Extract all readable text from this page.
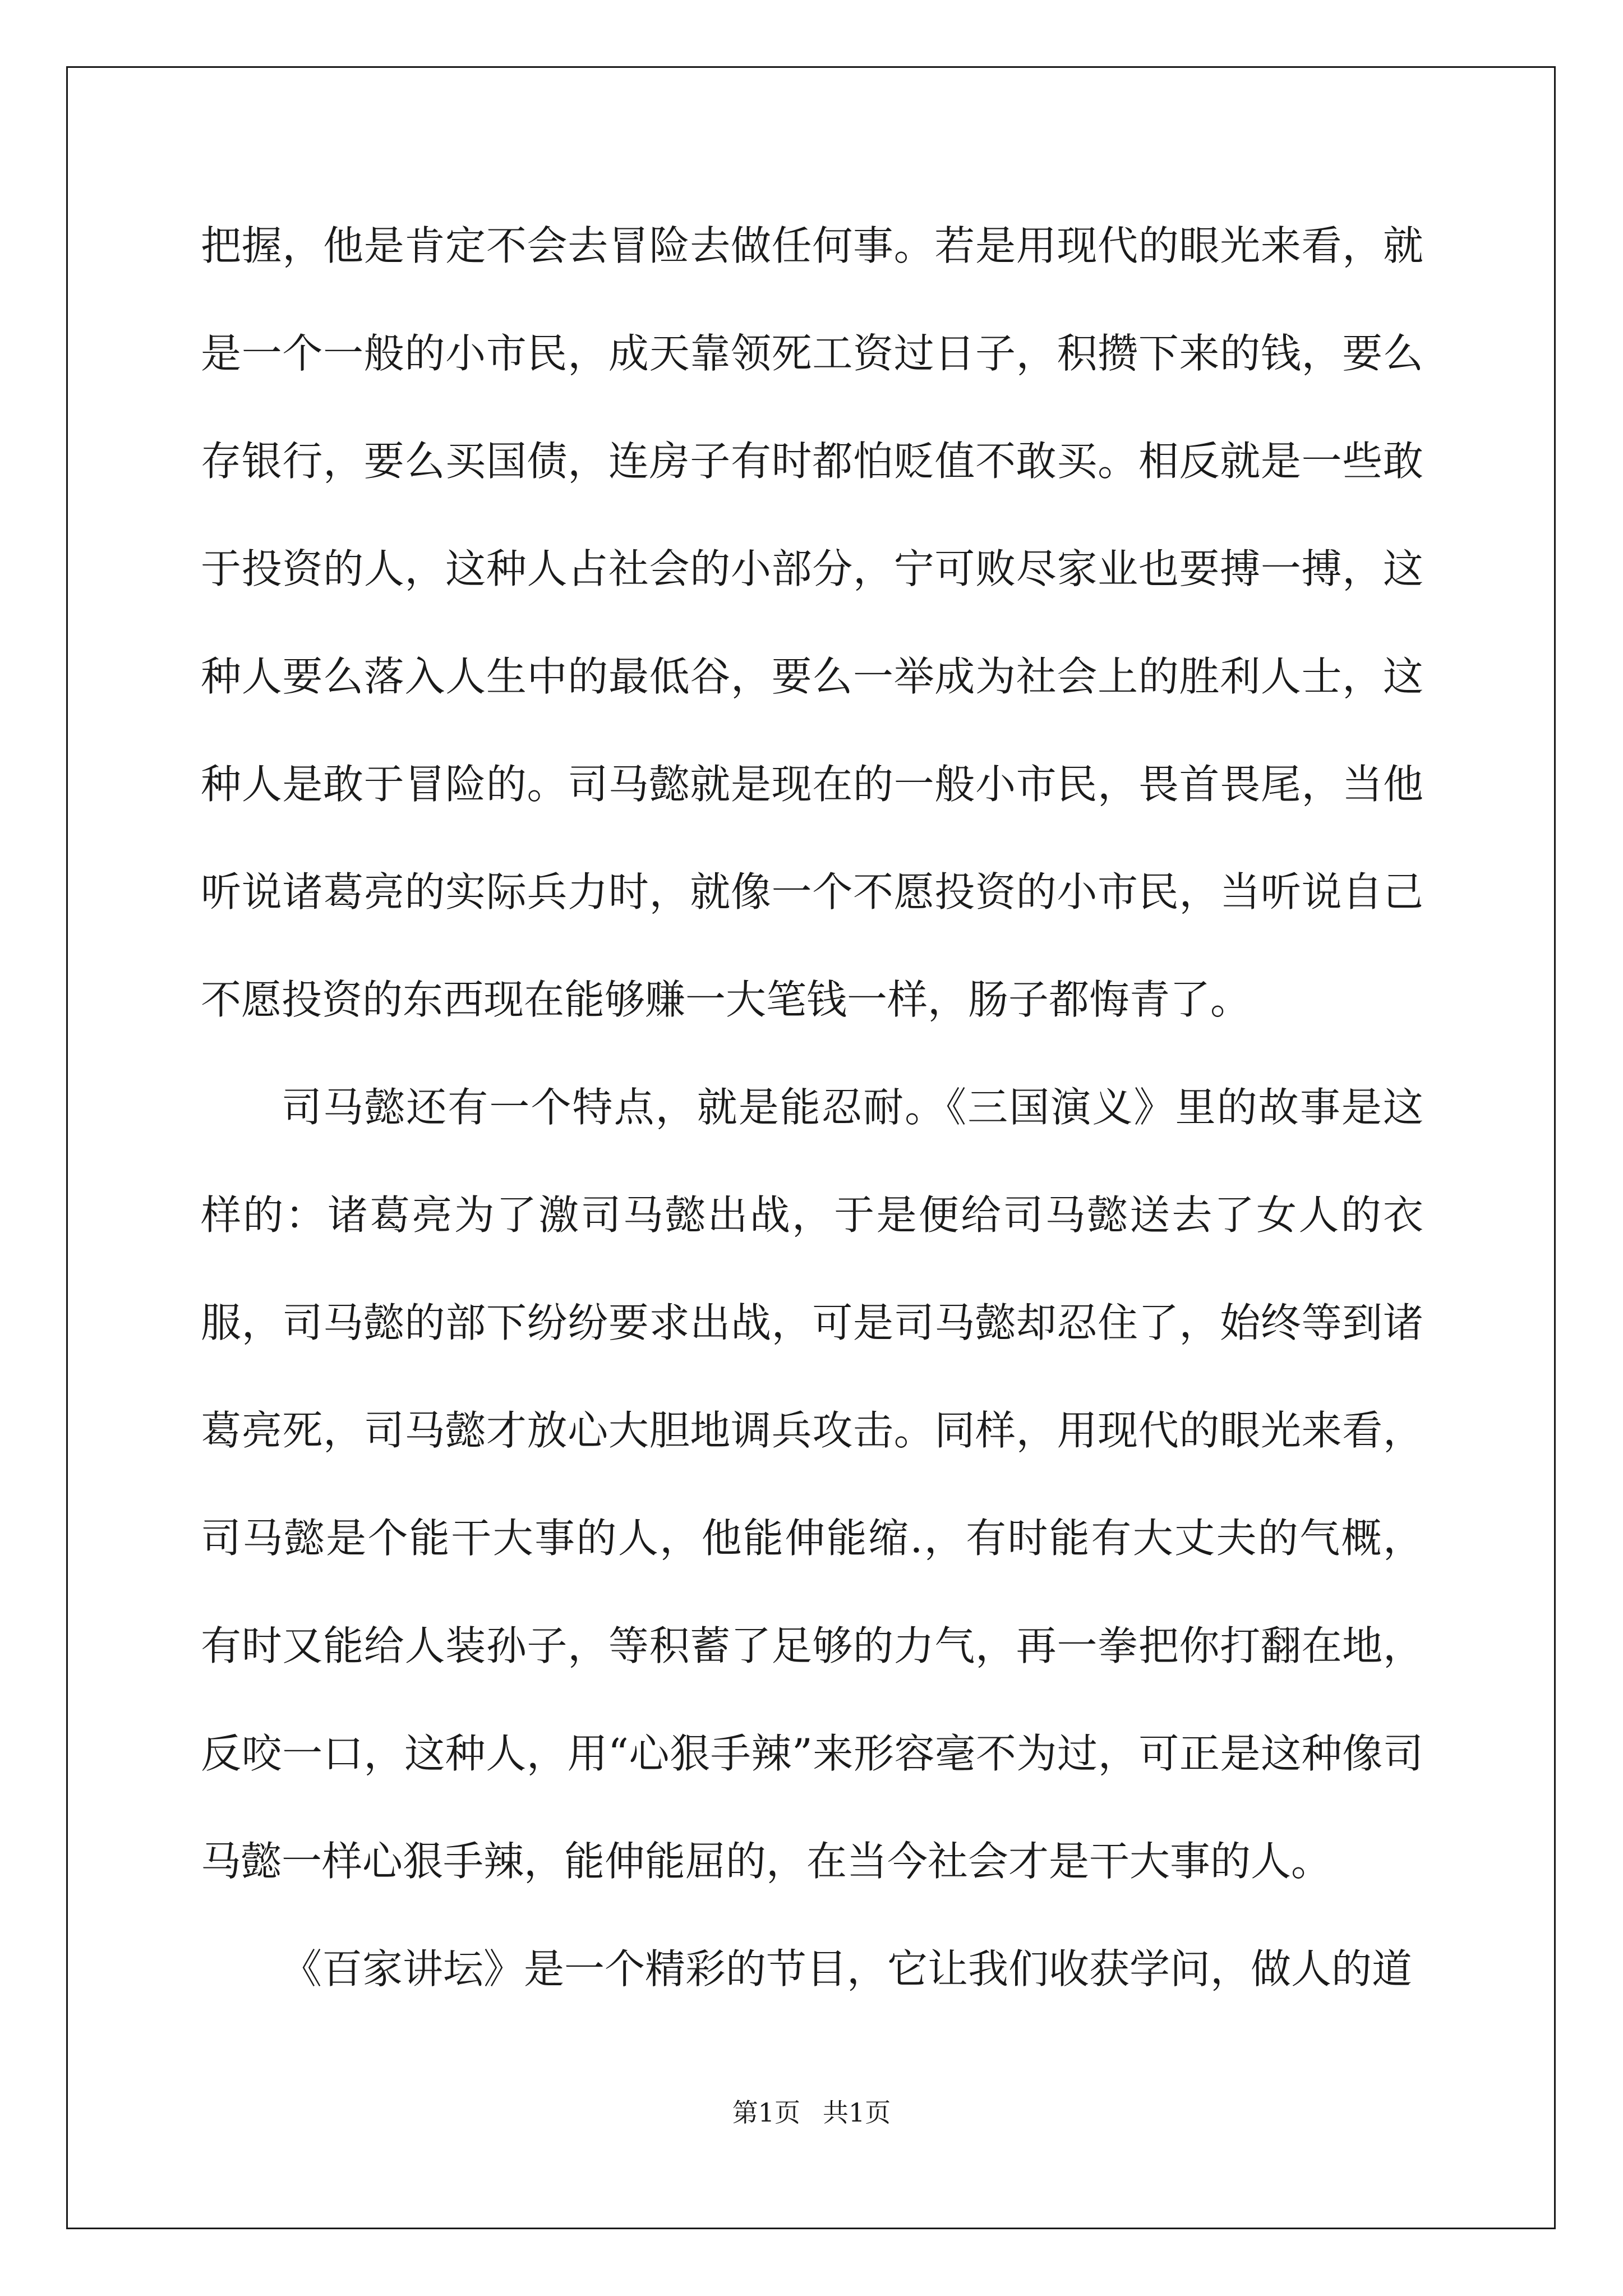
把握，他是肯定不会去冒险去做任何事。若是用现代的眼光来看，就是一个一般的小市民，成天靠领死工资过日子，积攒下来的钱，要么存银行，要么买国债，连房子有时都怕贬值不敢买。相反就是一些敢于投资的人，这种人占社会的小部分，宁可败尽家业也要搏一搏，这种人要么落入人生中的最低谷，要么一举成为社会上的胜利人士，这种人是敢于冒险的。司马懿就是现在的一般小市民，畏首畏尾，当他听说诸葛亮的实际兵力时，就像一个不愿投资的小市民，当听说自己不愿投资的东西现在能够赚一大笔钱一样，肠子都悔青了。

司马懿还有一个特点，就是能忍耐。《三国演义》里的故事是这样的：诸葛亮为了激司马懿出战，于是便给司马懿送去了女人的衣服，司马懿的部下纷纷要求出战，可是司马懿却忍住了，始终等到诸葛亮死，司马懿才放心大胆地调兵攻击。同样，用现代的眼光来看，司马懿是个能干大事的人，他能伸能缩.，有时能有大丈夫的气概，有时又能给人装孙子，等积蓄了足够的力气，再一拳把你打翻在地，反咬一口，这种人，用“心狠手辣”来形容毫不为过，可正是这种像司马懿一样心狠手辣，能伸能屈的，在当今社会才是干大事的人。

《百家讲坛》是一个精彩的节目，它让我们收获学问，做人的道

第1页 共1页
